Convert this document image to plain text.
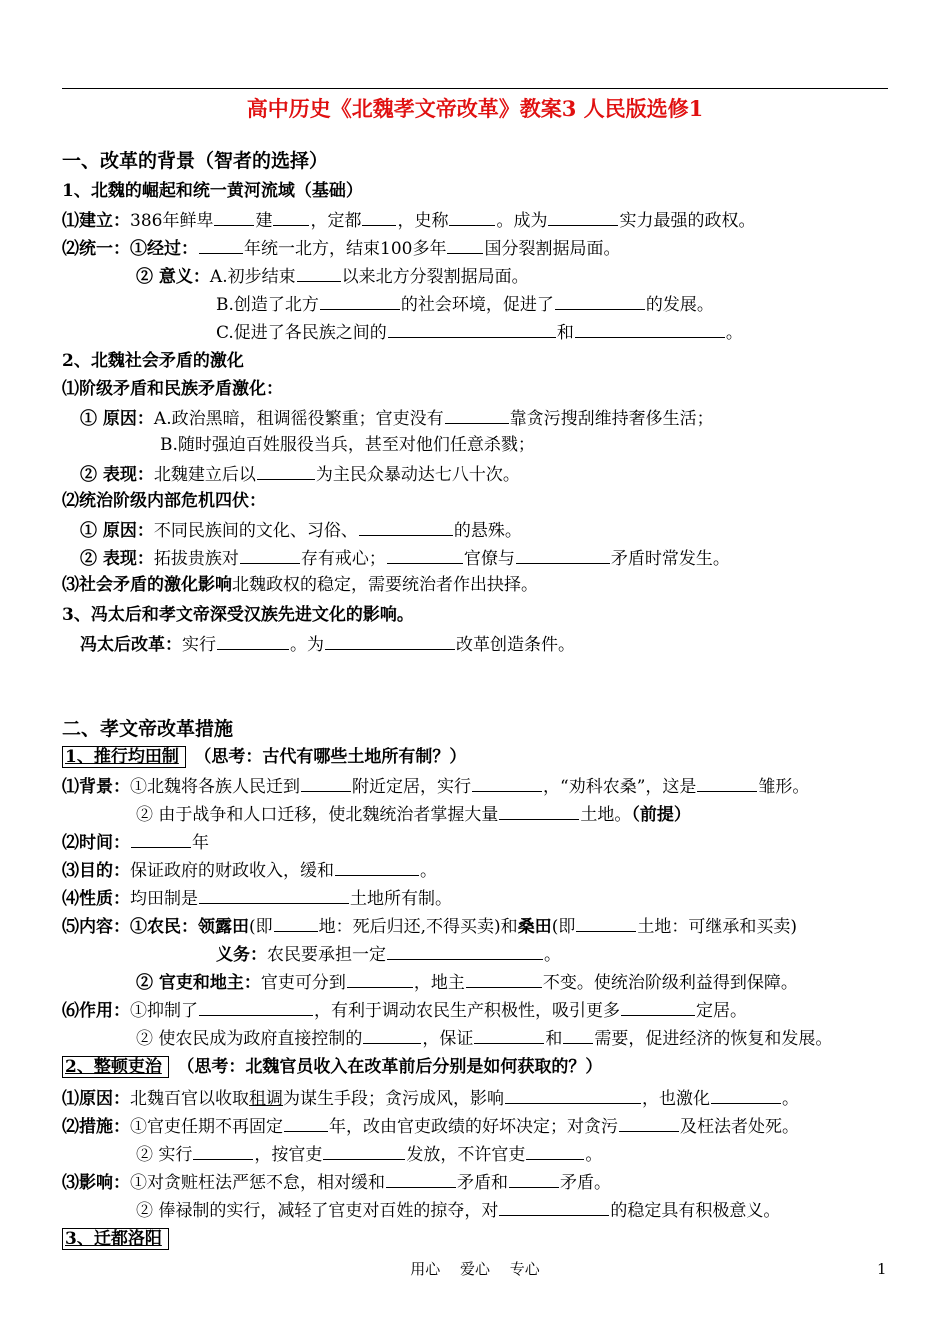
高中历史《北魏孝文帝改革》教案3 人民版选修1
一、改革的背景（智者的选择）
1、北魏的崛起和统一黄河流域（基础）
⑴建立：386年鲜卑 建 ，定都 ，史称	。成为	实力最强的政权。
⑵统一：①经过：	年统一北方，结束100多年 国分裂割据局面。
② 意义：A.初步结束	以来北方分裂割据局面。
B.创造了北方	的社会环境，促进了	的发展。
C.促进了各民族之间的	和	。
2、北魏社会矛盾的激化
⑴阶级矛盾和民族矛盾激化：
① 原因：A.政治黑暗，租调徭役繁重；官吏没有	靠贪污搜刮维持奢侈生活；
B.随时强迫百姓服役当兵，甚至对他们任意杀戮；
② 表现：北魏建立后以	为主民众暴动达七八十次。
⑵统治阶级内部危机四伏：
① 原因：不同民族间的文化、习俗、	的悬殊。
② 表现：拓拔贵族对	存有戒心；	官僚与	矛盾时常发生。
⑶社会矛盾的激化影响北魏政权的稳定，需要统治者作出抉择。
3、冯太后和孝文帝深受汉族先进文化的影响。
冯太后改革：实行	。为	改革创造条件。
二、孝文帝改革措施
1、推行均田制　 （思考：古代有哪些土地所有制？）
⑴背景：①北魏将各族人民迁到	附近定居，实行	，“劝科农桑”，这是	雏形。
② 由于战争和人口迁移，使北魏统治者掌握大量	土地。（前提）
⑵时间：	年
⑶目的：保证政府的财政收入，缓和	。
⑷性质：均田制是	土地所有制。
⑸内容：①农民：领露田(即	地：死后归还,不得买卖)和桑田(即	土地：可继承和买卖)
义务：农民要承担一定	。
② 官吏和地主：官吏可分到	，地主	不变。使统治阶级利益得到保障。
⑹作用：①抑制了	，有利于调动农民生产积极性，吸引更多	定居。
② 使农民成为政府直接控制的	，保证	和 需要，促进经济的恢复和发展。
2、整顿吏治　 （思考：北魏官员收入在改革前后分别是如何获取的？）
⑴原因：北魏百官以收取租调为谋生手段；贪污成风，影响	，也激化	。
⑵措施：①官吏任期不再固定	年，改由官吏政绩的好坏决定；对贪污	及枉法者处死。
② 实行	，按官吏	发放，不许官吏	。
⑶影响：①对贪赃枉法严惩不怠，相对缓和	矛盾和	矛盾。
② 俸禄制的实行，减轻了官吏对百姓的掠夺，对	的稳定具有积极意义。
3、迁都洛阳
用心　 爱心　 专心	1
